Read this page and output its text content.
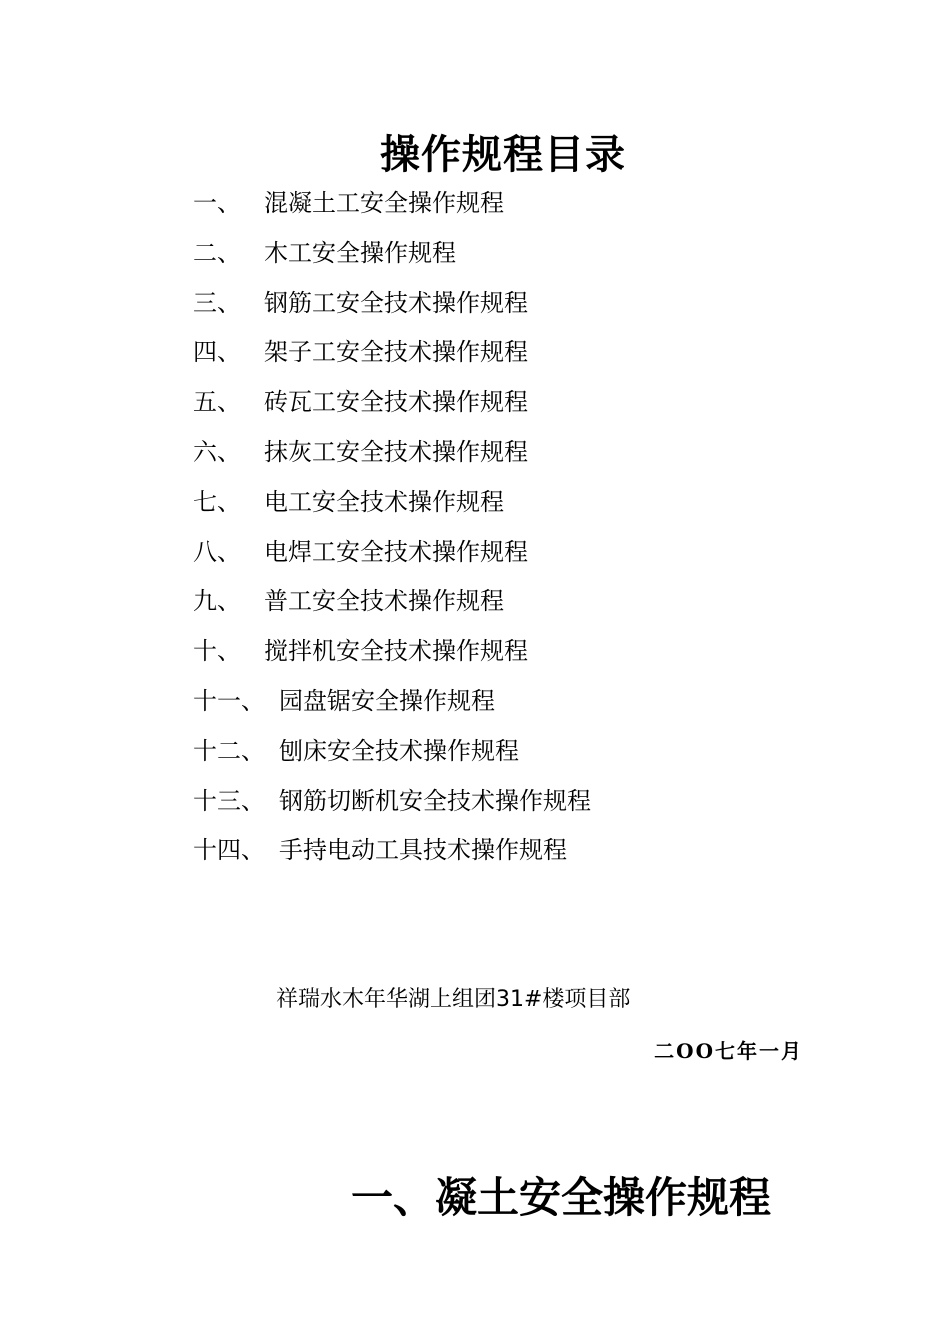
操作规程目录
一、 混凝土工安全操作规程
二、 木工安全操作规程
三、 钢筋工安全技术操作规程
四、 架子工安全技术操作规程
五、 砖瓦工安全技术操作规程
六、 抹灰工安全技术操作规程
七、 电工安全技术操作规程
八、 电焊工安全技术操作规程
九、 普工安全技术操作规程
十、 搅拌机安全技术操作规程
十一、 园盘锯安全操作规程
十二、 刨床安全技术操作规程
十三、 钢筋切断机安全技术操作规程
十四、 手持电动工具技术操作规程
祥瑞水木年华湖上组团31#楼项目部
二OO七年一月
一、凝土安全操作规程
